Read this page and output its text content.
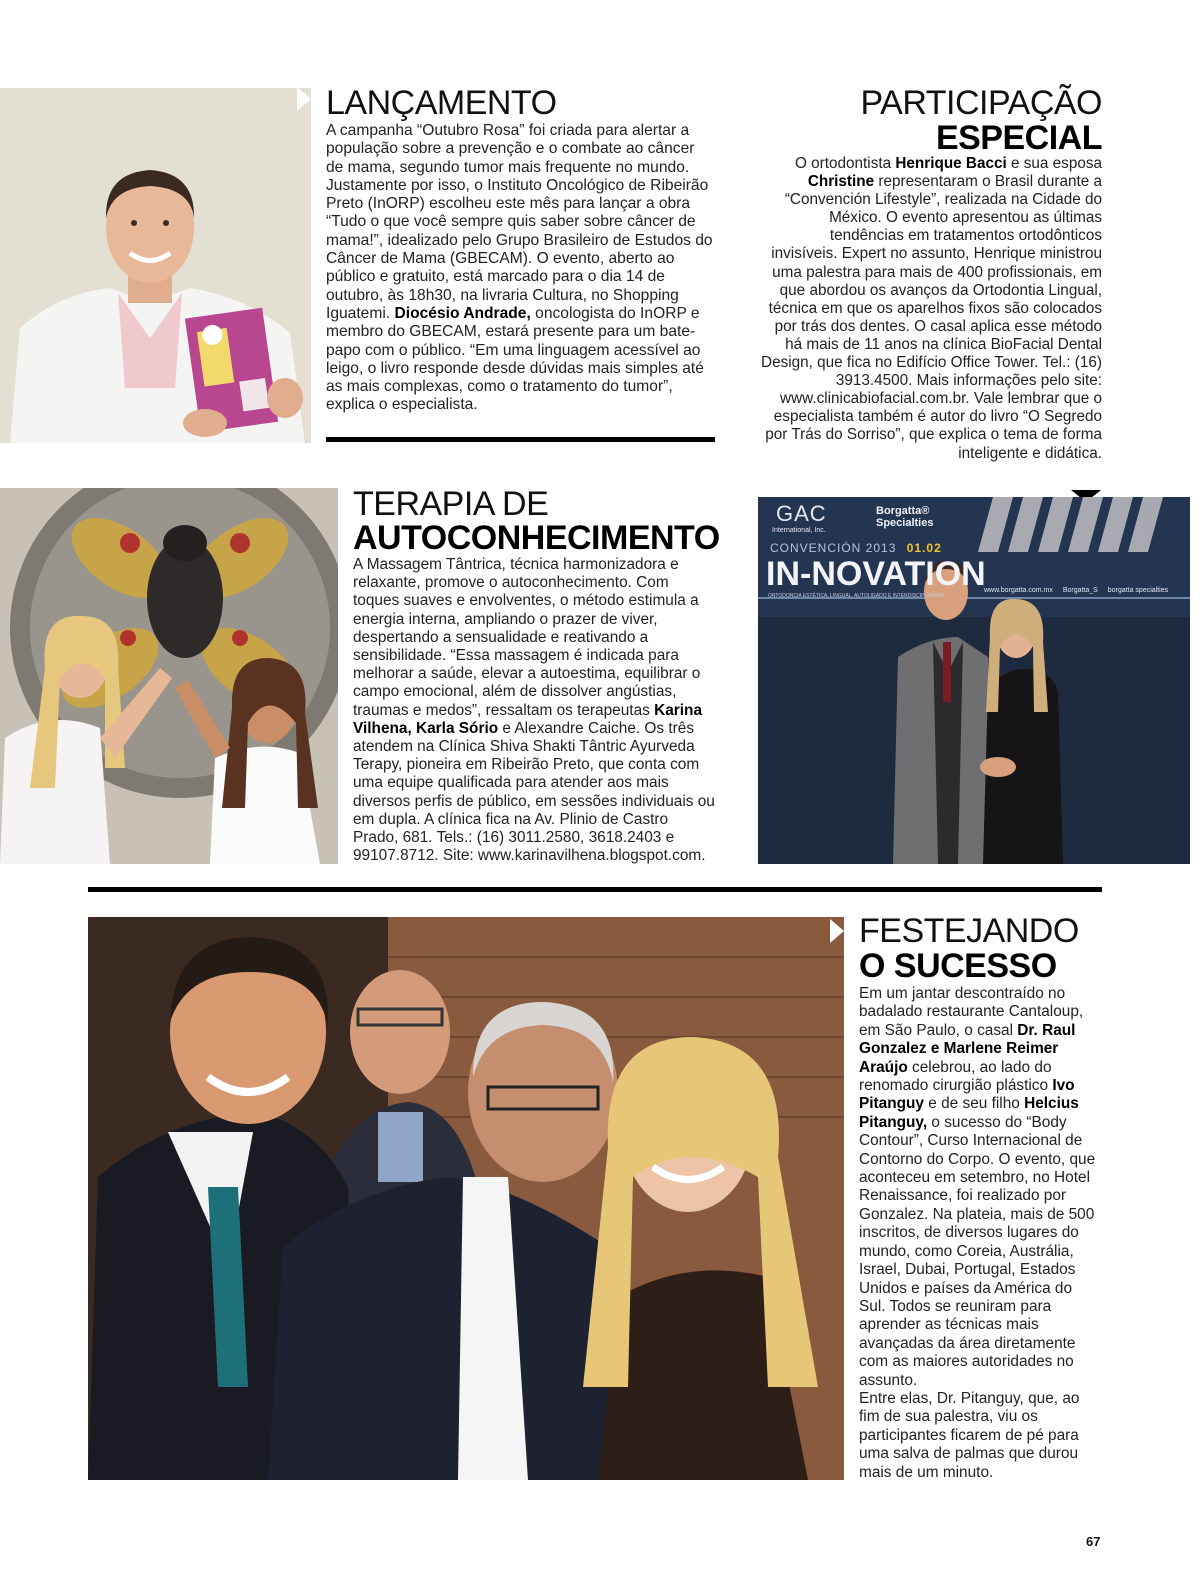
LANÇAMENTO
A campanha “Outubro Rosa” foi criada para alertar a população sobre a prevenção e o combate ao câncer de mama, segundo tumor mais frequente no mundo. Justamente por isso, o Instituto Oncológico de Ribeirão Preto (InORP) escolheu este mês para lançar a obra “Tudo o que você sempre quis saber sobre câncer de mama!”, idealizado pelo Grupo Brasileiro de Estudos do Câncer de Mama (GBECAM). O evento, aberto ao público e gratuito, está marcado para o dia 14 de outubro, às 18h30, na livraria Cultura, no Shopping Iguatemi. Diocésio Andrade, oncologista do InORP e membro do GBECAM, estará presente para um bate-papo com o público. “Em uma linguagem acessível ao leigo, o livro responde desde dúvidas mais simples até as mais complexas, como o tratamento do tumor”, explica o especialista.
PARTICIPAÇÃO
ESPECIAL
O ortodontista Henrique Bacci e sua esposa Christine representaram o Brasil durante a “Convención Lifestyle”, realizada na Cidade do México. O evento apresentou as últimas tendências em tratamentos ortodônticos invisíveis. Expert no assunto, Henrique ministrou uma palestra para mais de 400 profissionais, em que abordou os avanços da Ortodontia Lingual, técnica em que os aparelhos fixos são colocados por trás dos dentes. O casal aplica esse método há mais de 11 anos na clínica BioFacial Dental Design, que fica no Edifício Office Tower. Tel.: (16) 3913.4500. Mais informações pelo site: www.clinicabiofacial.com.br. Vale lembrar que o especialista também é autor do livro “O Segredo por Trás do Sorriso”, que explica o tema de forma inteligente e didática.
GAC
International, Inc.
Borgatta® Specialties
CONVENCIÓN 2013 01.02
IN-NOVATION
ORTODONCIA ESTÉTICA, LINGUAL, AUTOLIGADO E INTERDISCIPLINARIA
www.borgatta.com.mx Borgatta_S borgatta specialties
TERAPIA DE
AUTOCONHECIMENTO
A Massagem Tântrica, técnica harmonizadora e relaxante, promove o autoconhecimento. Com toques suaves e envolventes, o método estimula a energia interna, ampliando o prazer de viver, despertando a sensualidade e reativando a sensibilidade. “Essa massagem é indicada para melhorar a saúde, elevar a autoestima, equilibrar o campo emocional, além de dissolver angústias, traumas e medos”, ressaltam os terapeutas Karina Vilhena, Karla Sório e Alexandre Caiche. Os três atendem na Clínica Shiva Shakti Tântric Ayurveda Terapy, pioneira em Ribeirão Preto, que conta com uma equipe qualificada para atender aos mais diversos perfis de público, em sessões individuais ou em dupla. A clínica fica na Av. Plinio de Castro Prado, 681. Tels.: (16) 3011.2580, 3618.2403 e 99107.8712. Site: www.karinavilhena.blogspot.com.
FESTEJANDO
O SUCESSO
Em um jantar descontraído no badalado restaurante Cantaloup, em São Paulo, o casal Dr. Raul Gonzalez e Marlene Reimer Araújo celebrou, ao lado do renomado cirurgião plástico Ivo Pitanguy e de seu filho Helcius Pitanguy, o sucesso do “Body Contour”, Curso Internacional de Contorno do Corpo. O evento, que aconteceu em setembro, no Hotel Renaissance, foi realizado por Gonzalez. Na plateia, mais de 500 inscritos, de diversos lugares do mundo, como Coreia, Austrália, Israel, Dubai, Portugal, Estados Unidos e países da América do Sul. Todos se reuniram para aprender as técnicas mais avançadas da área diretamente com as maiores autoridades no assunto.
Entre elas, Dr. Pitanguy, que, ao fim de sua palestra, viu os participantes ficarem de pé para uma salva de palmas que durou mais de um minuto.
67
